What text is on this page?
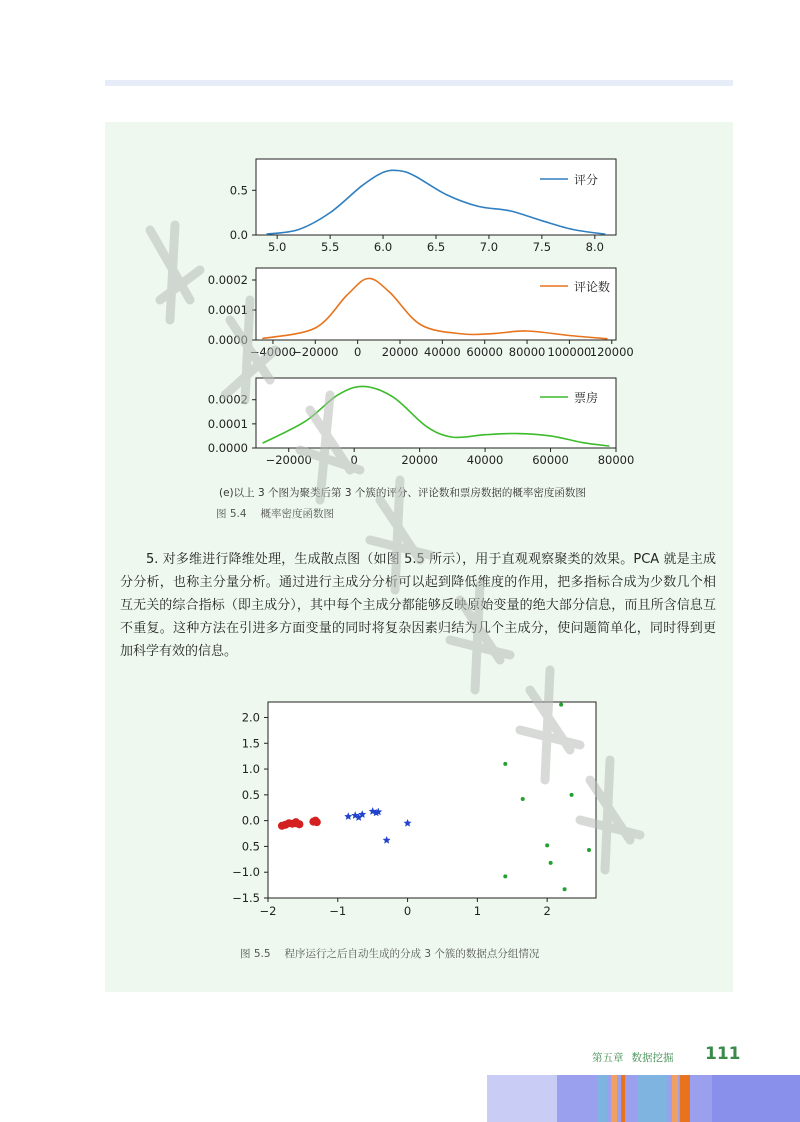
5.0	5.5	6.0	6.5	7.0	7.5	8.0
0.0
0.5
−40000
−20000 0 20000 40000 60000 80000 100000
120000
0.0000
0.0001
0.0002
−20000	0	20000	40000	60000	80000
0.0000
0.0001
0.0002
评分
评论数
票房
(e)以上 3 个图为聚类后第 3 个簇的评分、评论数和票房数据的概率密度函数图
图 5.4 概率密度函数图
5. 对多维进行降维处理，生成散点图（如图 5.5 所示），用于直观观察聚类的效果。PCA 就是主成分分析，也称主分量分析。通过进行主成分分析可以起到降低维度的作用，把多指标合成为少数几个相互无关的综合指标（即主成分），其中每个主成分都能够反映原始变量的绝大部分信息，而且所含信息互不重复。这种方法在引进多方面变量的同时将复杂因素归结为几个主成分，使问题简单化，同时得到更加科学有效的信息。
2.0
1.5
1.0
0.5
0.0
0.5
−1.0
−1.5
−2	−1	0	1	2
图 5.5 程序运行之后自动生成的分成 3 个簇的数据点分组情况
第五章 数据挖掘 111
